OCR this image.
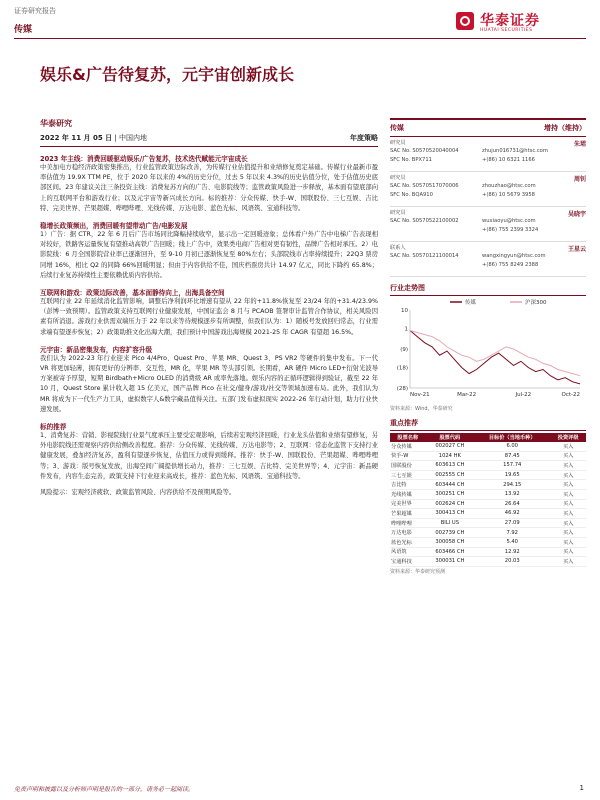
证券研究报告
传媒
华泰证券
HUATAI SECURITIES
娱乐&广告待复苏，元宇宙创新成长
华泰研究
2022 年 11 月 05 日 | 中国内地	年度策略
2023 年主线：消费回暖驱动娱乐/广告复苏，技术迭代赋能元宇宙成长

中美加电方稳经济政策密集推出，行业监管政策边际改善，为传媒行业估值提升和业绩修复奠定基础。传媒行业最新市盈率估值为 19.9X TTM PE，位于 2020 年以来的 4%的历史分位，过去 5 年以来 4.3%的历史估值分位，处于估值历史底部区间。23 年建议关注三条投资主线：消费复苏方向的广告、电影院线等；监管政策风险进一步释放，基本面有望底部向上的互联网平台和游戏行业；以及元宇宙等新兴成长方向。标的推荐：分众传媒、快手-W、国联股份、三七互娱、吉比特、完美世界、芒果超媒、哔哩哔哩、光线传媒、万达电影、蓝色光标、风语筑、宝通科技等。

稳增长政策频出，消费回暖有望带动广告/电影发展

1）广告：据 CTR，22 年 6 月后广告市场同比降幅持续收窄，显示出一定回暖迹象；总体看户外广告中电梯广告表现相对较好，铁路客运量恢复有望推动高铁广告回暖；线上广告中，效果类电商广告相对更有韧性，品牌广告相对承压。2）电影院线：6 月全国影院营业率已逐渐回升，至 9-10 月初已逐渐恢复至 80%左右；头部院线市占率持续提升；22Q3 票房同增 16%，相比 Q2 的同降 66%回暖明显；但由于内容供给不佳，国庆档票房共计 14.97 亿元，同比下降约 65.8%；后续行业复苏持续性主要依赖优质内容供给。

互联网和游戏：政策边际改善，基本面静待向上，出海具备空间

互联网行业 22 年延续消化监管影响，调整后净利润环比增速有望从 22 年的+11.8%恢复至 23/24 年的+31.4/23.9%（彭博一致预期）。监管政策支持互联网行业健康发展，中国证监会 8 月与 PCAOB 签署审计监管合作协议，相关风险因素有所消退。游戏行业供需双端压力于 22 年以来等待规模逐步有所调整，但我们认为：1）随板号发放回归常态，行业需求端有望逐步恢复；2）政策助推文化出海大潮，我们预计中国游戏出海规模 2021-25 年 CAGR 有望超 16.5%。

元宇宙：新品密集发布，内容扩容升级

我们认为 2022-23 年行业迎来 Pico 4/4Pro、Quest Pro、苹果 MR、Quest 3、PS VR2 等硬件的集中发布。下一代 VR 将更加轻薄，拥有更好的分辨率、交互性，MR 化，苹果 MR 等头部引领。长期看，AR 硬件 Micro LED+衍射光波导方案被寄予厚望，短期 Birdbath+Micro OLED 的消费级 AR 或率先落地。娱乐内容的正循环逻辑得到验证，截至 22 年 10 月，Quest Store 累计收入超 15 亿美元，国产品牌 Pico 在社交/健身/游戏/社交等领域加速布局。此外，我们认为 MR 将成为下一代生产力工具，虚拟数字人&数字藏品值得关注。五部门发布虚拟现实 2022-26 年行动计划，助力行业快速发展。

标的推荐

1、消费复苏：营销、影视院线行业景气度承压主要受宏观影响，后续若宏观经济回暖，行业龙头估值和业绩有望修复，另外电影院线还需观察内容供给侧改善程度。推荐：分众传媒、光线传媒、万达电影等；2、互联网：常态化监管下支持行业健康发展，叠加经济复苏，盈利有望逐步恢复，估值压力或得到缓释。推荐：快手-W、国联股份、芒果超媒、哔哩哔哩等；3、游戏：版号恢复发放，出海空间广阔提供增长动力，推荐：三七互娱、吉比特、完美世界等；4、元宇宙：新品硬件发布，内容生态完善，政策支持下行业迎来高成长，推荐：蓝色光标、风语筑、宝通科技等。

风险提示：宏观经济疲软、政策监管风险、内容供给不及预期风险等。

传媒	增持（维持）
研究员	朱珺
SAC No. S0570520040004
SFC No. BPX711
zhujun016731@htsc.com
+(86) 10 6321 1166
研究员	周钊
SAC No. S0570517070006
SFC No. BQA910
zhouzhao@htsc.com
+(86) 10 5679 3958
研究员	吴晓宇
SAC No. S0570522100002	wuxiaoyu@htsc.com
+(86) 755 2399 3324
联系人	王星云
SAC No. S0570121100014	wangxingyun@htsc.com
+(86) 755 8249 2388
行业走势图
传媒	沪深300
10
1
(9)
(18)
(28)
Nov-21	Mar-22	Jul-22	Oct-22
资料来源：Wind，华泰研究
重点推荐
股票名称	股票代码	目标价（当地币种）	投资评级
分众传媒	002027 CH	6.00	买入
快手-W	1024 HK	87.45	买入
国联股份	603613 CH	157.74	买入
三七互娱	002555 CH	19.65	买入
吉比特	603444 CH	294.15	买入
光线传媒	300251 CH	13.92	买入
完美世界	002624 CH	26.64	买入
芒果超媒	300413 CH	46.92	买入
哔哩哔哩	BILI US	27.09	买入
万达电影	002739 CH	7.92	买入
蓝色光标	300058 CH	5.40	买入
风语筑	603466 CH	12.92	买入
宝通科技	300031 CH	20.03	买入
资料来源：华泰研究预测
免责声明和披露以及分析师声明是报告的一部分，请务必一起阅读。	1
